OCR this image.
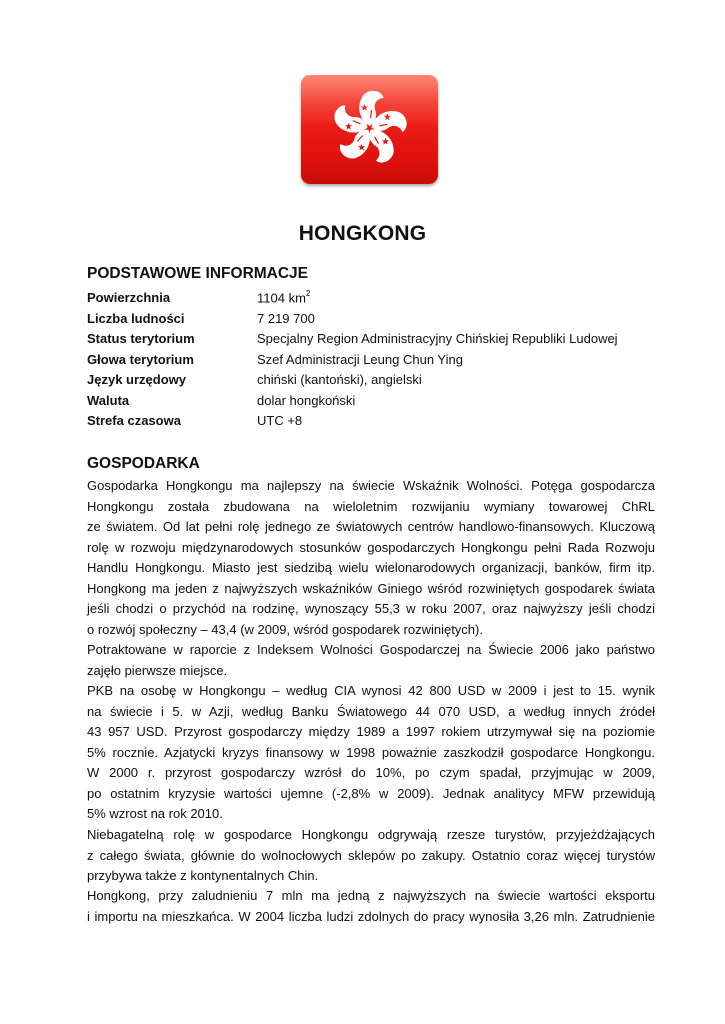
HONGKONG
PODSTAWOWE INFORMACJE
Powierzchnia	1104 $km^2$
Liczba ludności	7 219 700
Status terytorium	Specjalny Region Administracyjny Chińskiej Republiki Ludowej
Głowa terytorium	Szef Administracji Leung Chun Ying
Język urzędowy	chiński (kantoński), angielski
Waluta	dolar hongkoński
Strefa czasowa	UTC +8
GOSPODARKA
Gospodarka Hongkongu ma najlepszy na świecie Wskaźnik Wolności. Potęga gospodarcza
Hongkongu została zbudowana na wieloletnim rozwijaniu wymiany towarowej ChRL
ze światem. Od lat pełni rolę jednego ze światowych centrów handlowo-finansowych. Kluczową
rolę w rozwoju międzynarodowych stosunków gospodarczych Hongkongu pełni Rada Rozwoju
Handlu Hongkongu. Miasto jest siedzibą wielu wielonarodowych organizacji, banków, firm itp.
Hongkong ma jeden z najwyższych wskaźników Giniego wśród rozwiniętych gospodarek świata
jeśli chodzi o przychód na rodzinę, wynoszący 55,3 w roku 2007, oraz najwyższy jeśli chodzi
o rozwój społeczny – 43,4 (w 2009, wśród gospodarek rozwiniętych).
Potraktowane w raporcie z Indeksem Wolności Gospodarczej na Świecie 2006 jako państwo
zajęło pierwsze miejsce.
PKB na osobę w Hongkongu – według CIA wynosi 42 800 USD w 2009 i jest to 15. wynik
na świecie i 5. w Azji, według Banku Światowego 44 070 USD, a według innych źródeł
43 957 USD. Przyrost gospodarczy między 1989 a 1997 rokiem utrzymywał się na poziomie
5% rocznie. Azjatycki kryzys finansowy w 1998 poważnie zaszkodził gospodarce Hongkongu.
W 2000 r. przyrost gospodarczy wzrósł do 10%, po czym spadał, przyjmując w 2009,
po ostatnim kryzysie wartości ujemne (-2,8% w 2009). Jednak analitycy MFW przewidują
5% wzrost na rok 2010.
Niebagatelną rolę w gospodarce Hongkongu odgrywają rzesze turystów, przyjeżdżających
z całego świata, głównie do wolnocłowych sklepów po zakupy. Ostatnio coraz więcej turystów
przybywa także z kontynentalnych Chin.
Hongkong, przy zaludnieniu 7 mln ma jedną z najwyższych na świecie wartości eksportu
i importu na mieszkańca. W 2004 liczba ludzi zdolnych do pracy wynosiła 3,26 mln. Zatrudnienie
